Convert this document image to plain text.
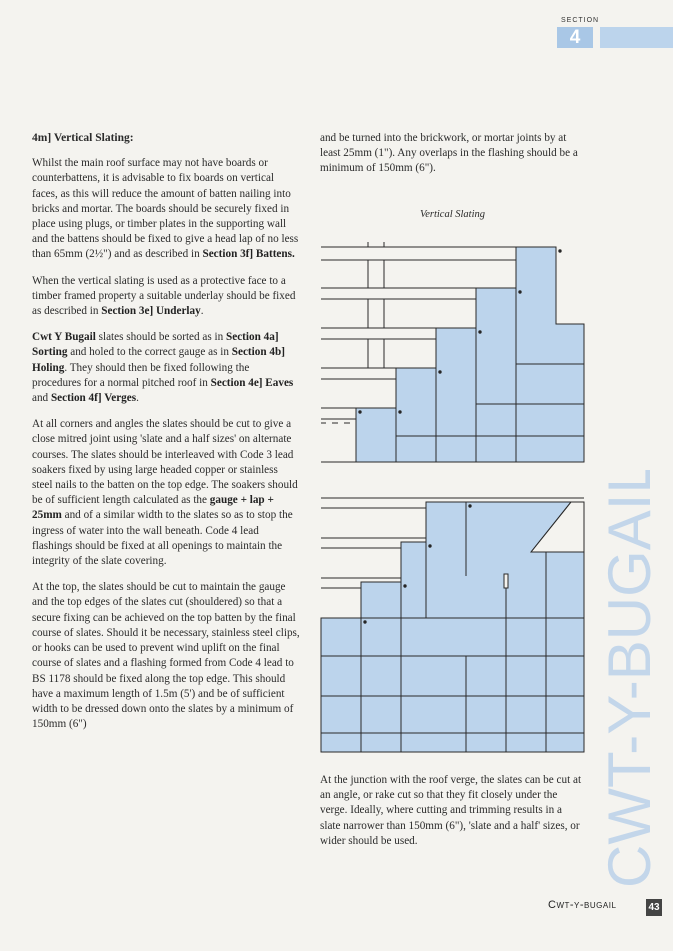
SECTION
4
4m] Vertical Slating:

Whilst the main roof surface may not have boards or counterbattens, it is advisable to fix boards on vertical faces, as this will reduce the amount of batten nailing into bricks and mortar. The boards should be securely fixed in place using plugs, or timber plates in the supporting wall and the battens should be fixed to give a head lap of no less than 65mm (2½") and as described in Section 3f] Battens.

When the vertical slating is used as a protective face to a timber framed property a suitable underlay should be fixed as described in Section 3e] Underlay.

Cwt Y Bugail slates should be sorted as in Section 4a] Sorting and holed to the correct gauge as in Section 4b] Holing. They should then be fixed following the procedures for a normal pitched roof in Section 4e] Eaves and Section 4f] Verges.

At all corners and angles the slates should be cut to give a close mitred joint using 'slate and a half sizes' on alternate courses. The slates should be interleaved with Code 3 lead soakers fixed by using large headed copper or stainless steel nails to the batten on the top edge. The soakers should be of sufficient length calculated as the gauge + lap + 25mm and of a similar width to the slates so as to stop the ingress of water into the wall beneath. Code 4 lead flashings should be fixed at all openings to maintain the integrity of the slate covering.

At the top, the slates should be cut to maintain the gauge and the top edges of the slates cut (shouldered) so that a secure fixing can be achieved on the top batten by the final course of slates. Should it be necessary, stainless steel clips, or hooks can be used to prevent wind uplift on the final course of slates and a flashing formed from Code 4 lead to BS 1178 should be fixed along the top edge. This should have a maximum length of 1.5m (5') and be of sufficient width to be dressed down onto the slates by a minimum of 150mm (6")

and be turned into the brickwork, or mortar joints by at least 25mm (1"). Any overlaps in the flashing should be a minimum of 150mm (6").

Vertical Slating

At the junction with the roof verge, the slates can be cut at an angle, or rake cut so that they fit closely under the verge. Ideally, where cutting and trimming results in a slate narrower than 150mm (6"), 'slate and a half' sizes, or wider should be used.	CWT-Y-BUGAIL
Cwt-y-bugail	43
